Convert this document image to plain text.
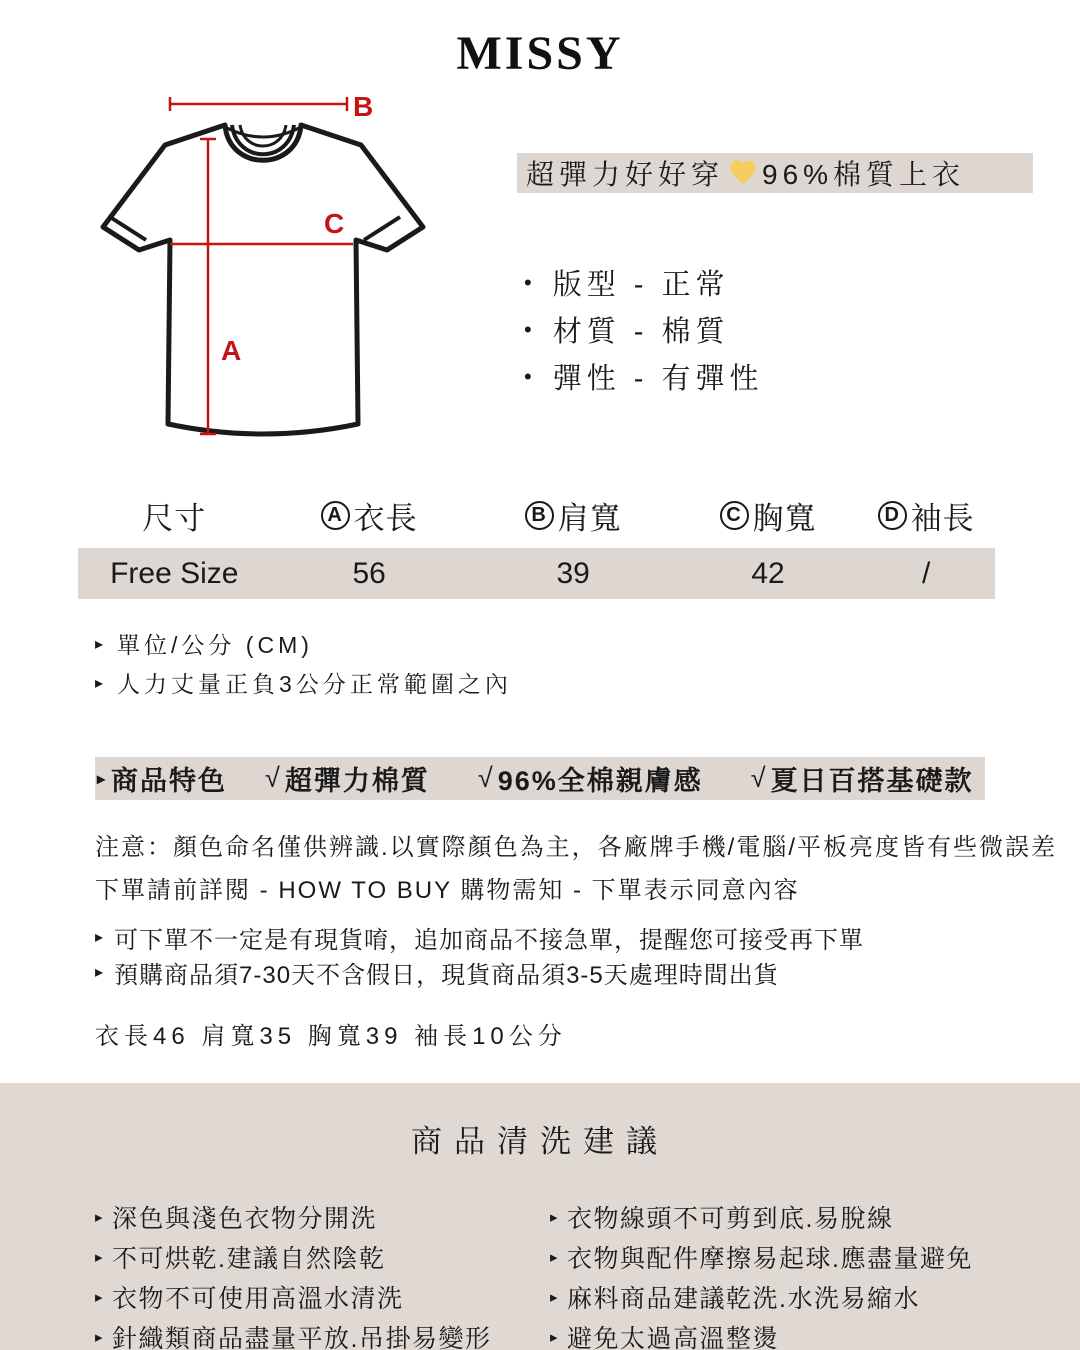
MISSY
B
A
C
超彈力好好穿 96%棉質上衣
• 版型 - 正常
• 材質 - 棉質
• 彈性 - 有彈性
尺寸	A 衣長	B 肩寬	C 胸寬	D 袖長
Free Size	56	39	42	/
▸ 單位/公分 (CM)
▸ 人力丈量正負3公分正常範圍之內
▸ 商品特色 √ 超彈力棉質 √ 96%全棉親膚感 √ 夏日百搭基礎款
注意：顏色命名僅供辨識.以實際顏色為主，各廠牌手機/電腦/平板亮度皆有些微誤差
下單請前詳閱 - HOW TO BUY 購物需知 - 下單表示同意內容
▸ 可下單不一定是有現貨唷，追加商品不接急單，提醒您可接受再下單
▸ 預購商品須7-30天不含假日，現貨商品須3-5天處理時間出貨
衣長46 肩寬35 胸寬39 袖長10公分
商品清洗建議
▸ 深色與淺色衣物分開洗
▸ 不可烘乾.建議自然陰乾
▸ 衣物不可使用高溫水清洗
▸ 針織類商品盡量平放.吊掛易變形
▸ 衣物線頭不可剪到底.易脫線
▸ 衣物與配件摩擦易起球.應盡量避免
▸ 麻料商品建議乾洗.水洗易縮水
▸ 避免太過高溫整燙
